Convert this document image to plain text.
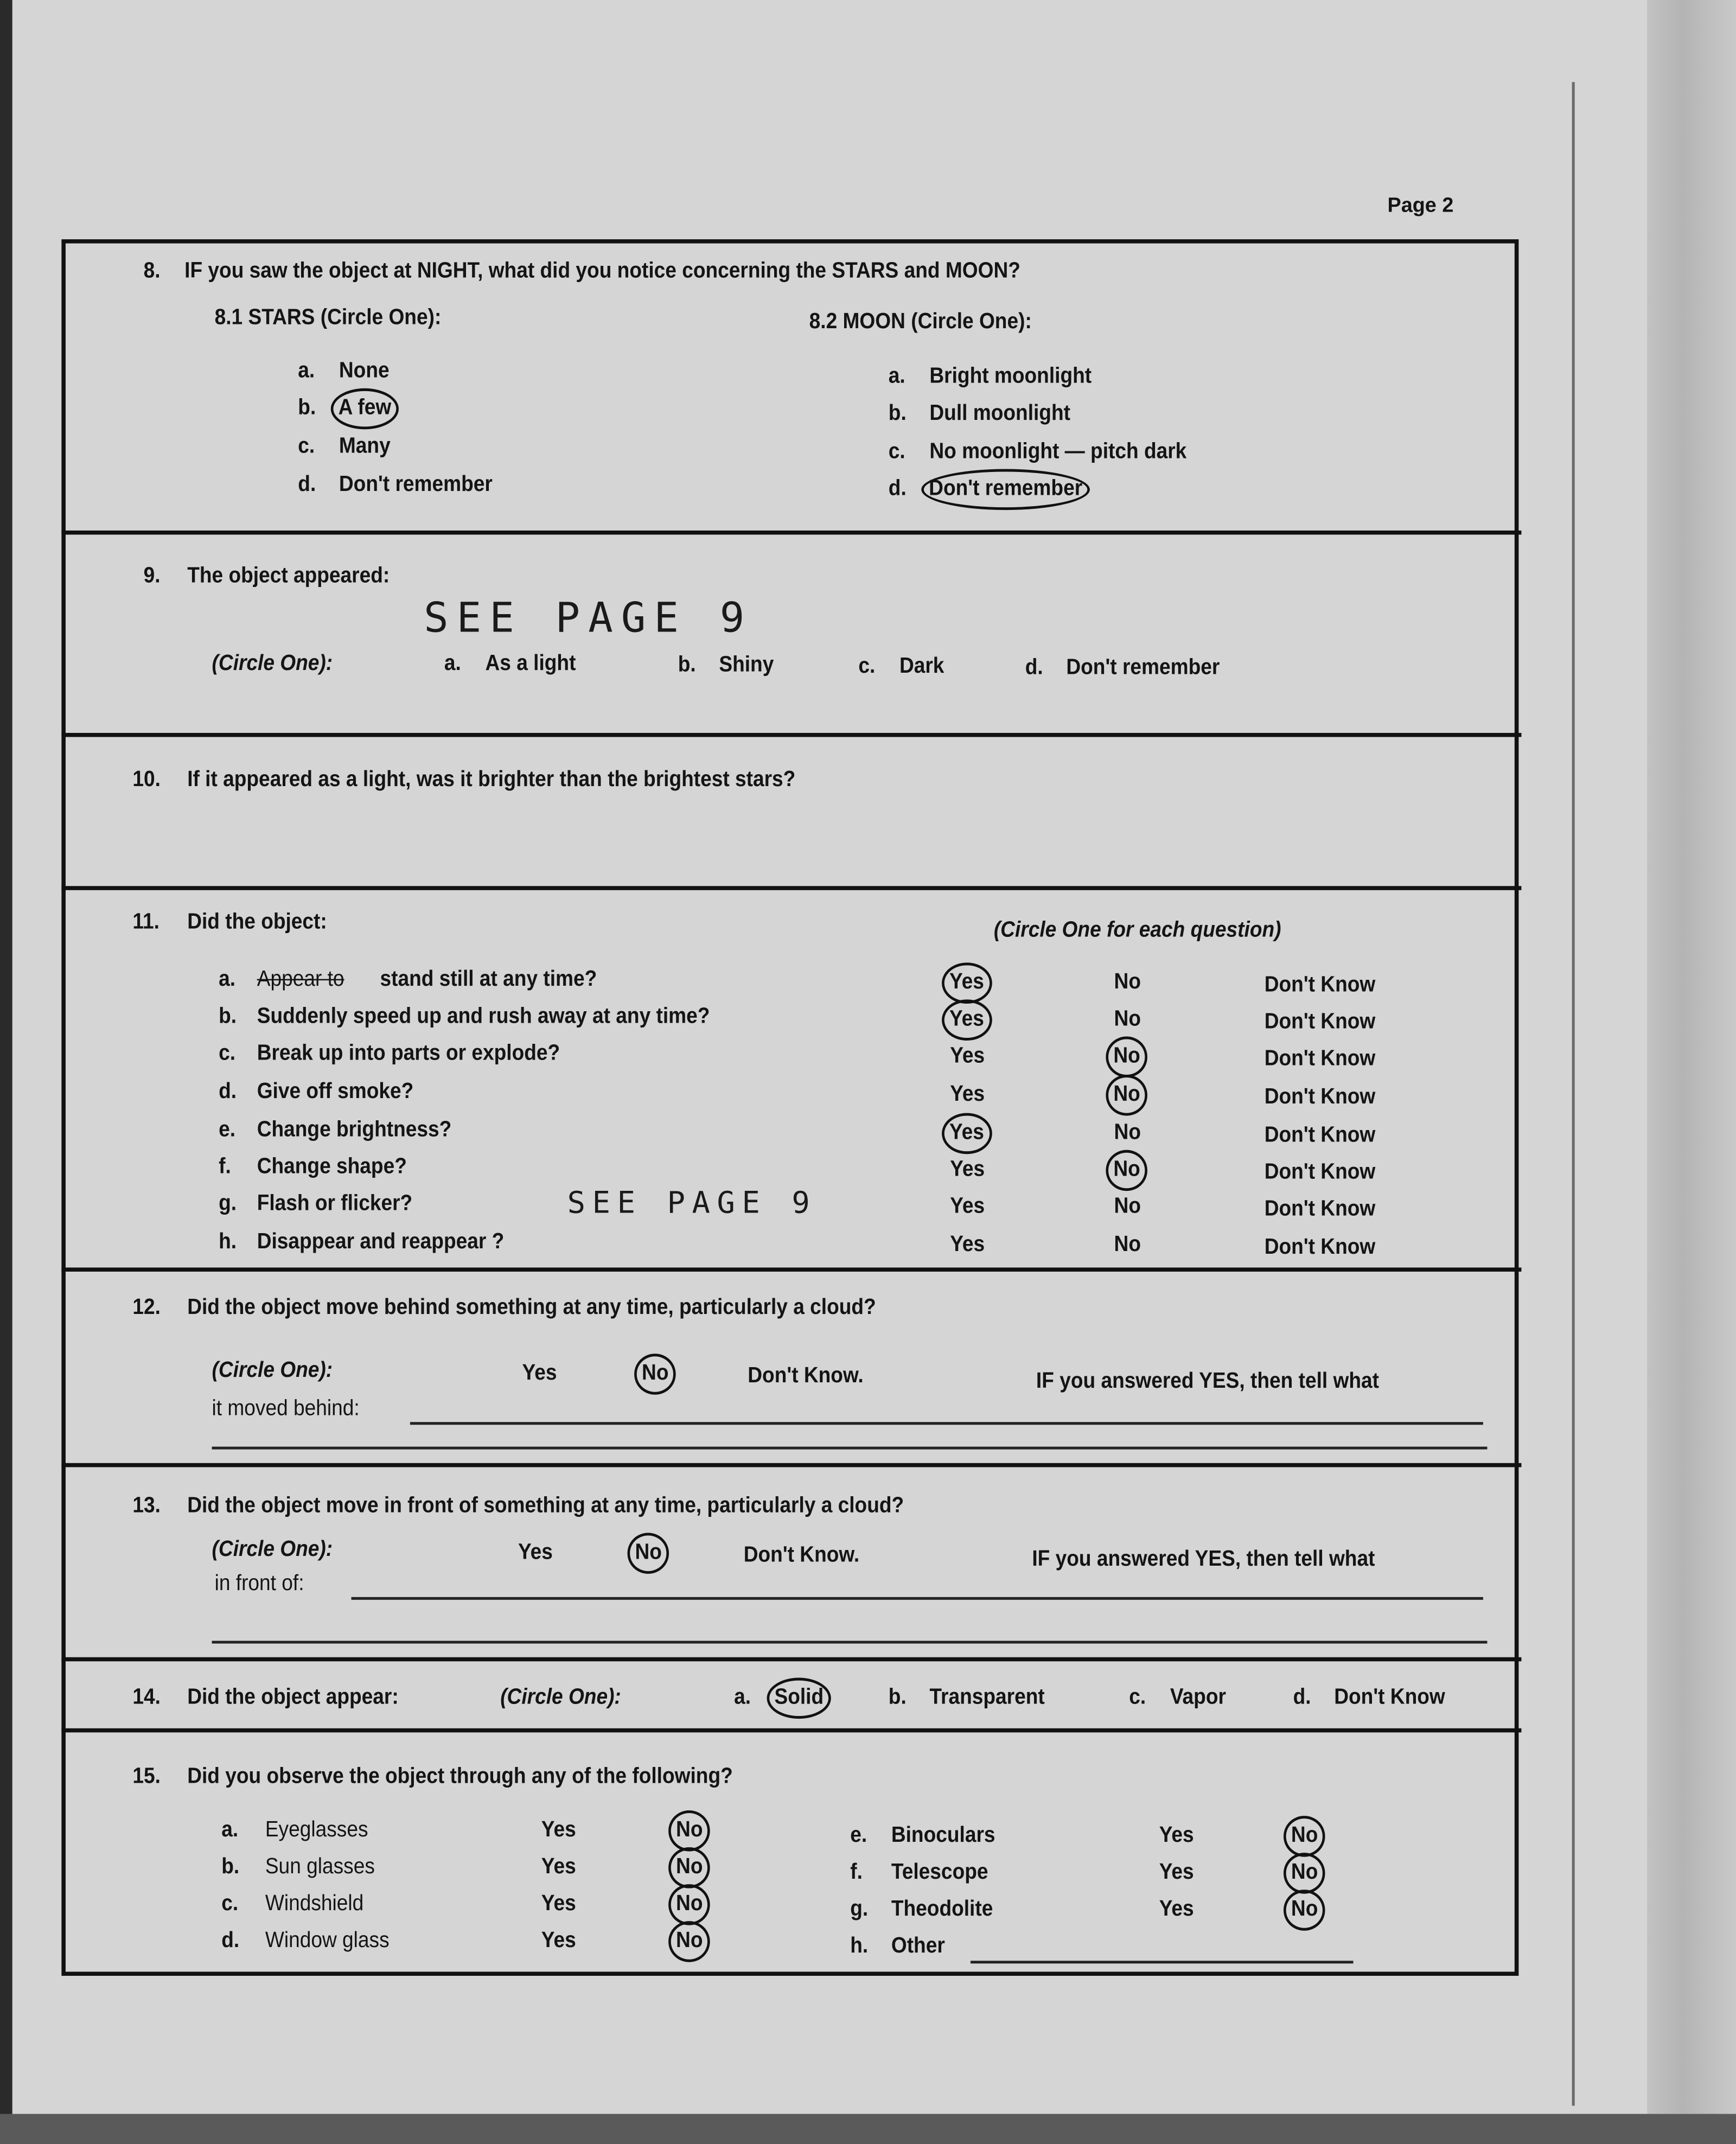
Page 2
8.	IF you saw the object at NIGHT, what did you notice concerning the STARS and MOON?
8.1 STARS (Circle One):	8.2 MOON (Circle One):
a.	None
b.	A few
c.	Many
d.	Don't remember
a.	Bright moonlight
b.	Dull moonlight
c.	No moonlight — pitch dark
d.	Don't remember
9.	The object appeared:
SEE PAGE 9
(Circle One):	a.	As a light	b.	Shiny	c.	Dark	d.	Don't remember
10.	If it appeared as a light, was it brighter than the brightest stars?
11.	Did the object:	(Circle One for each question)
SEE PAGE 9
a. Appear to	stand still at any time?	Yes	No	Don't Know
b. Suddenly speed up and rush away at any time?	Yes	No	Don't Know
c. Break up into parts or explode?	Yes	No	Don't Know
d. Give off smoke?	Yes	No	Don't Know
e. Change brightness?	Yes	No	Don't Know
f.	Change shape?	Yes	No	Don't Know
g. Flash or flicker?	Yes	No	Don't Know
h. Disappear and reappear ?	Yes	No	Don't Know
12.	Did the object move behind something at any time, particularly a cloud?
(Circle One):	Yes	No	Don't Know.	IF you answered YES, then tell what
it moved behind:
13.	Did the object move in front of something at any time, particularly a cloud?
(Circle One):	Yes	No	Don't Know.	IF you answered YES, then tell what
in front of:
14.	Did the object appear:	(Circle One):	a.	Solid	b.	Transparent	c.	Vapor	d.	Don't Know
15.	Did you observe the object through any of the following?
a.	Eyeglasses	Yes	No
b.	Sun glasses	Yes	No
c.	Windshield	Yes	No
d.	Window glass	Yes	No
e.	Binoculars	Yes	No
f.	Telescope	Yes	No
g.	Theodolite	Yes	No
h.	Other
